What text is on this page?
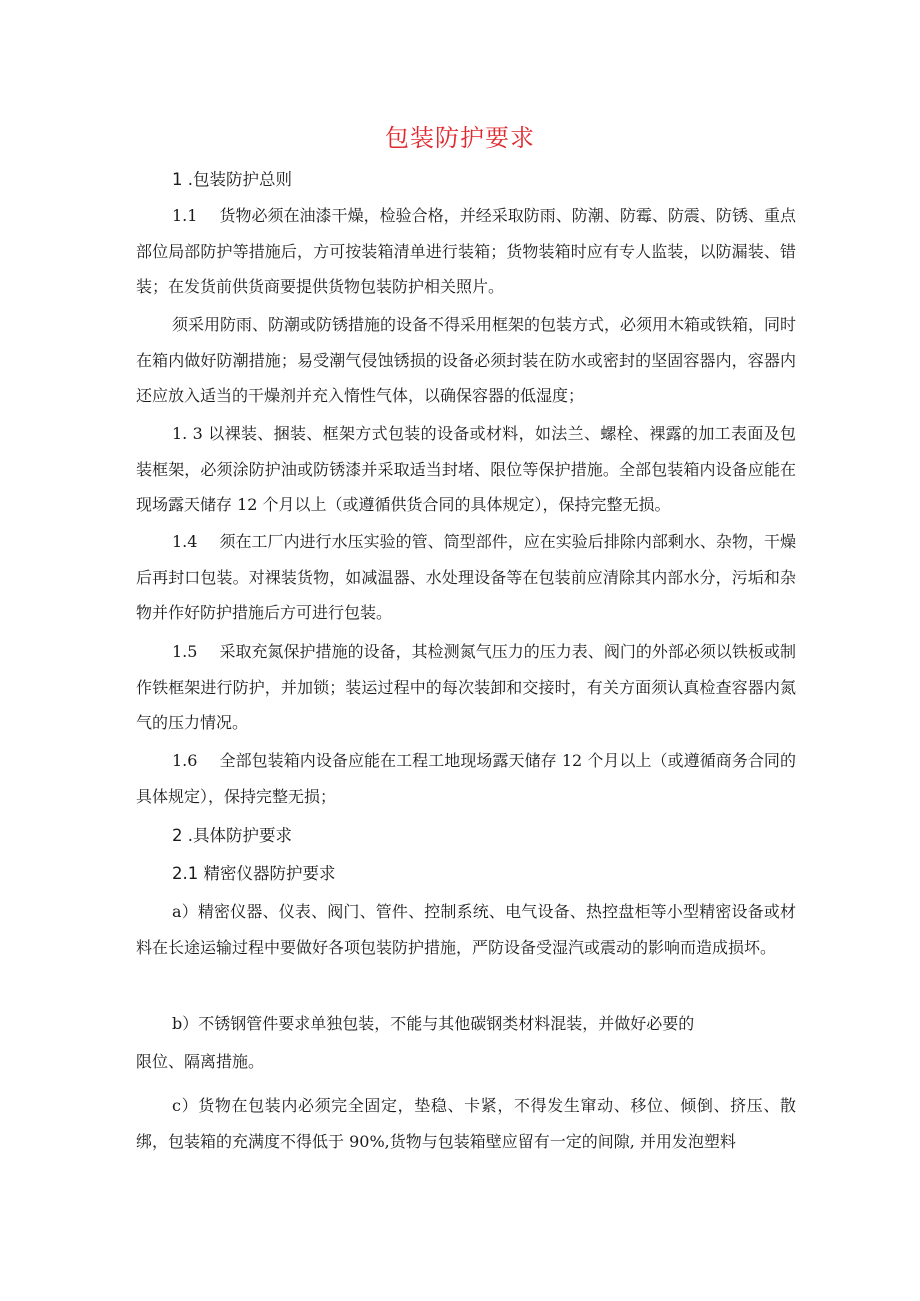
包装防护要求
1 .包装防护总则

1.1 货物必须在油漆干燥，检验合格，并经采取防雨、防潮、防霉、防震、防锈、重点部位局部防护等措施后，方可按装箱清单进行装箱；货物装箱时应有专人监装，以防漏装、错装；在发货前供货商要提供货物包装防护相关照片。

须采用防雨、防潮或防锈措施的设备不得采用框架的包装方式，必须用木箱或铁箱，同时在箱内做好防潮措施；易受潮气侵蚀锈损的设备必须封装在防水或密封的坚固容器内，容器内还应放入适当的干燥剂并充入惰性气体，以确保容器的低湿度；

1. 3 以裸装、捆装、框架方式包装的设备或材料，如法兰、螺栓、裸露的加工表面及包装框架，必须涂防护油或防锈漆并采取适当封堵、限位等保护措施。全部包装箱内设备应能在现场露天储存 12 个月以上（或遵循供货合同的具体规定），保持完整无损。

1.4 须在工厂内进行水压实验的管、筒型部件，应在实验后排除内部剩水、杂物，干燥后再封口包装。对裸装货物，如减温器、水处理设备等在包装前应清除其内部水分，污垢和杂物并作好防护措施后方可进行包装。

1.5 采取充氮保护措施的设备，其检测氮气压力的压力表、阀门的外部必须以铁板或制作铁框架进行防护，并加锁；装运过程中的每次装卸和交接时，有关方面须认真检查容器内氮气的压力情况。

1.6 全部包装箱内设备应能在工程工地现场露天储存 12 个月以上（或遵循商务合同的具体规定），保持完整无损；

2 .具体防护要求
2.1 精密仪器防护要求

a）精密仪器、仪表、阀门、管件、控制系统、电气设备、热控盘柜等小型精密设备或材料在长途运输过程中要做好各项包装防护措施，严防设备受湿汽或震动的影响而造成损坏。

b）不锈钢管件要求单独包装，不能与其他碳钢类材料混装，并做好必要的

限位、隔离措施。

c）货物在包装内必须完全固定，垫稳、卡紧，不得发生窜动、移位、倾倒、挤压、散绑，包装箱的充满度不得低于 90%,货物与包装箱壁应留有一定的间隙, 并用发泡塑料
